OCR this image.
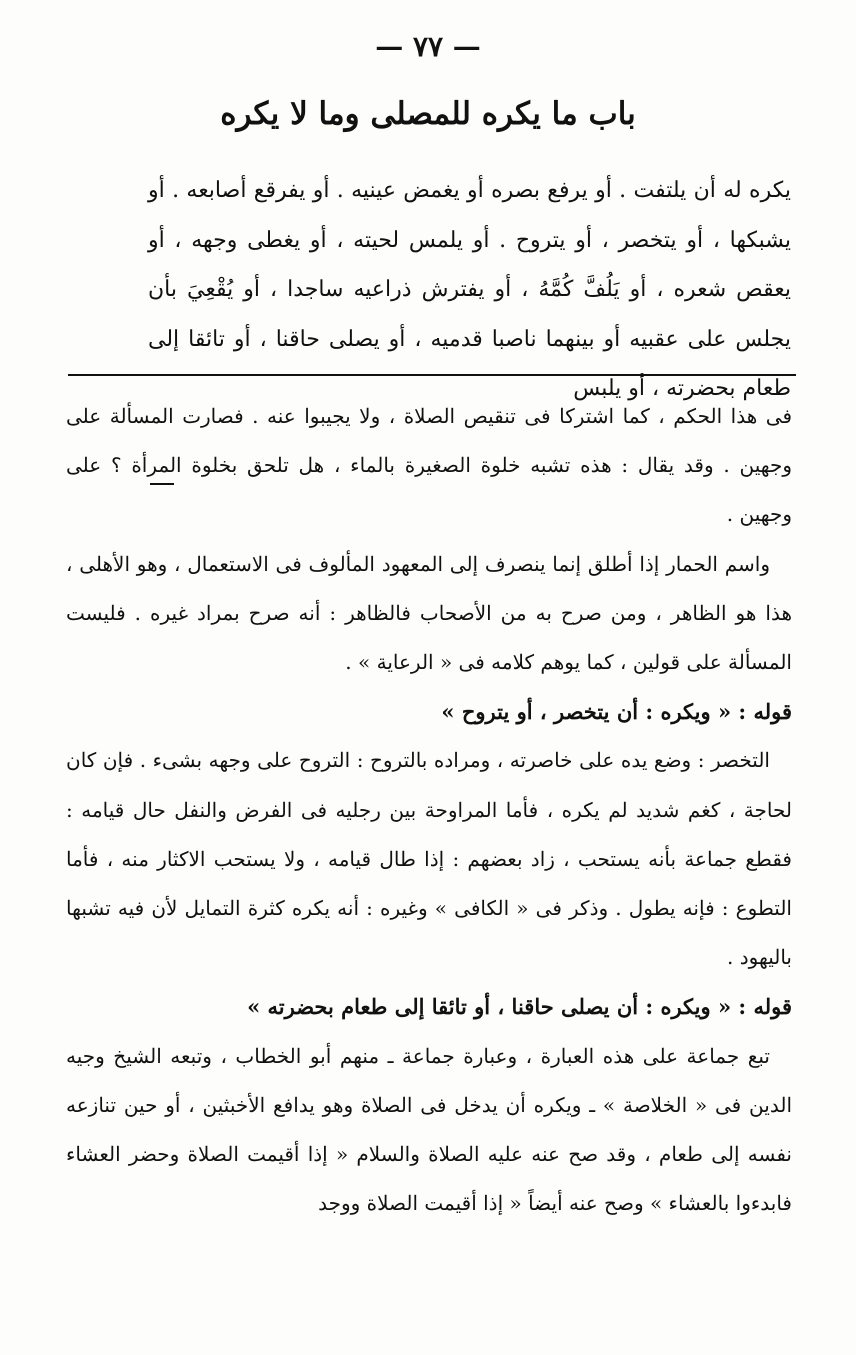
— ٧٧ —
باب ما يكره للمصلى وما لا يكره
يكره له أن يلتفت . أو يرفع بصره أو يغمض عينيه . أو يفرقع أصابعه . أو يشبكها ، أو يتخصر ، أو يتروح . أو يلمس لحيته ، أو يغطى وجهه ، أو يعقص شعره ، أو يَلُفَّ كُمَّهُ ، أو يفترش ذراعيه ساجدا ، أو يُقْعِيَ بأن يجلس على عقبيه أو بينهما ناصبا قدميه ، أو يصلى حاقنا ، أو تائقا إلى طعام بحضرته ، أو يلبس

فى هذا الحكم ، كما اشتركا فى تنقيص الصلاة ، ولا يجيبوا عنه . فصارت المسألة على وجهين . وقد يقال : هذه تشبه خلوة الصغيرة بالماء ، هل تلحق بخلوة المرأة ؟ على وجهين .

واسم الحمار إذا أطلق إنما ينصرف إلى المعهود المألوف فى الاستعمال ، وهو الأهلى ، هذا هو الظاهر ، ومن صرح به من الأصحاب فالظاهر : أنه صرح بمراد غيره . فليست المسألة على قولين ، كما يوهم كلامه فى « الرعاية » .

قوله : « ويكره : أن يتخصر ، أو يتروح »

التخصر : وضع يده على خاصرته ، ومراده بالتروح : التروح على وجهه بشىء . فإن كان لحاجة ، كغم شديد لم يكره ، فأما المراوحة بين رجليه فى الفرض والنفل حال قيامه : فقطع جماعة بأنه يستحب ، زاد بعضهم : إذا طال قيامه ، ولا يستحب الاكثار منه ، فأما التطوع : فإنه يطول . وذكر فى « الكافى » وغيره : أنه يكره كثرة التمايل لأن فيه تشبها باليهود .

قوله : « ويكره : أن يصلى حاقنا ، أو تائقا إلى طعام بحضرته »

تبع جماعة على هذه العبارة ، وعبارة جماعة ـ منهم أبو الخطاب ، وتبعه الشيخ وجيه الدين فى « الخلاصة » ـ ويكره أن يدخل فى الصلاة وهو يدافع الأخبثين ، أو حين تنازعه نفسه إلى طعام ، وقد صح عنه عليه الصلاة والسلام « إذا أقيمت الصلاة وحضر العشاء فابدءوا بالعشاء » وصح عنه أيضاً « إذا أقيمت الصلاة ووجد
